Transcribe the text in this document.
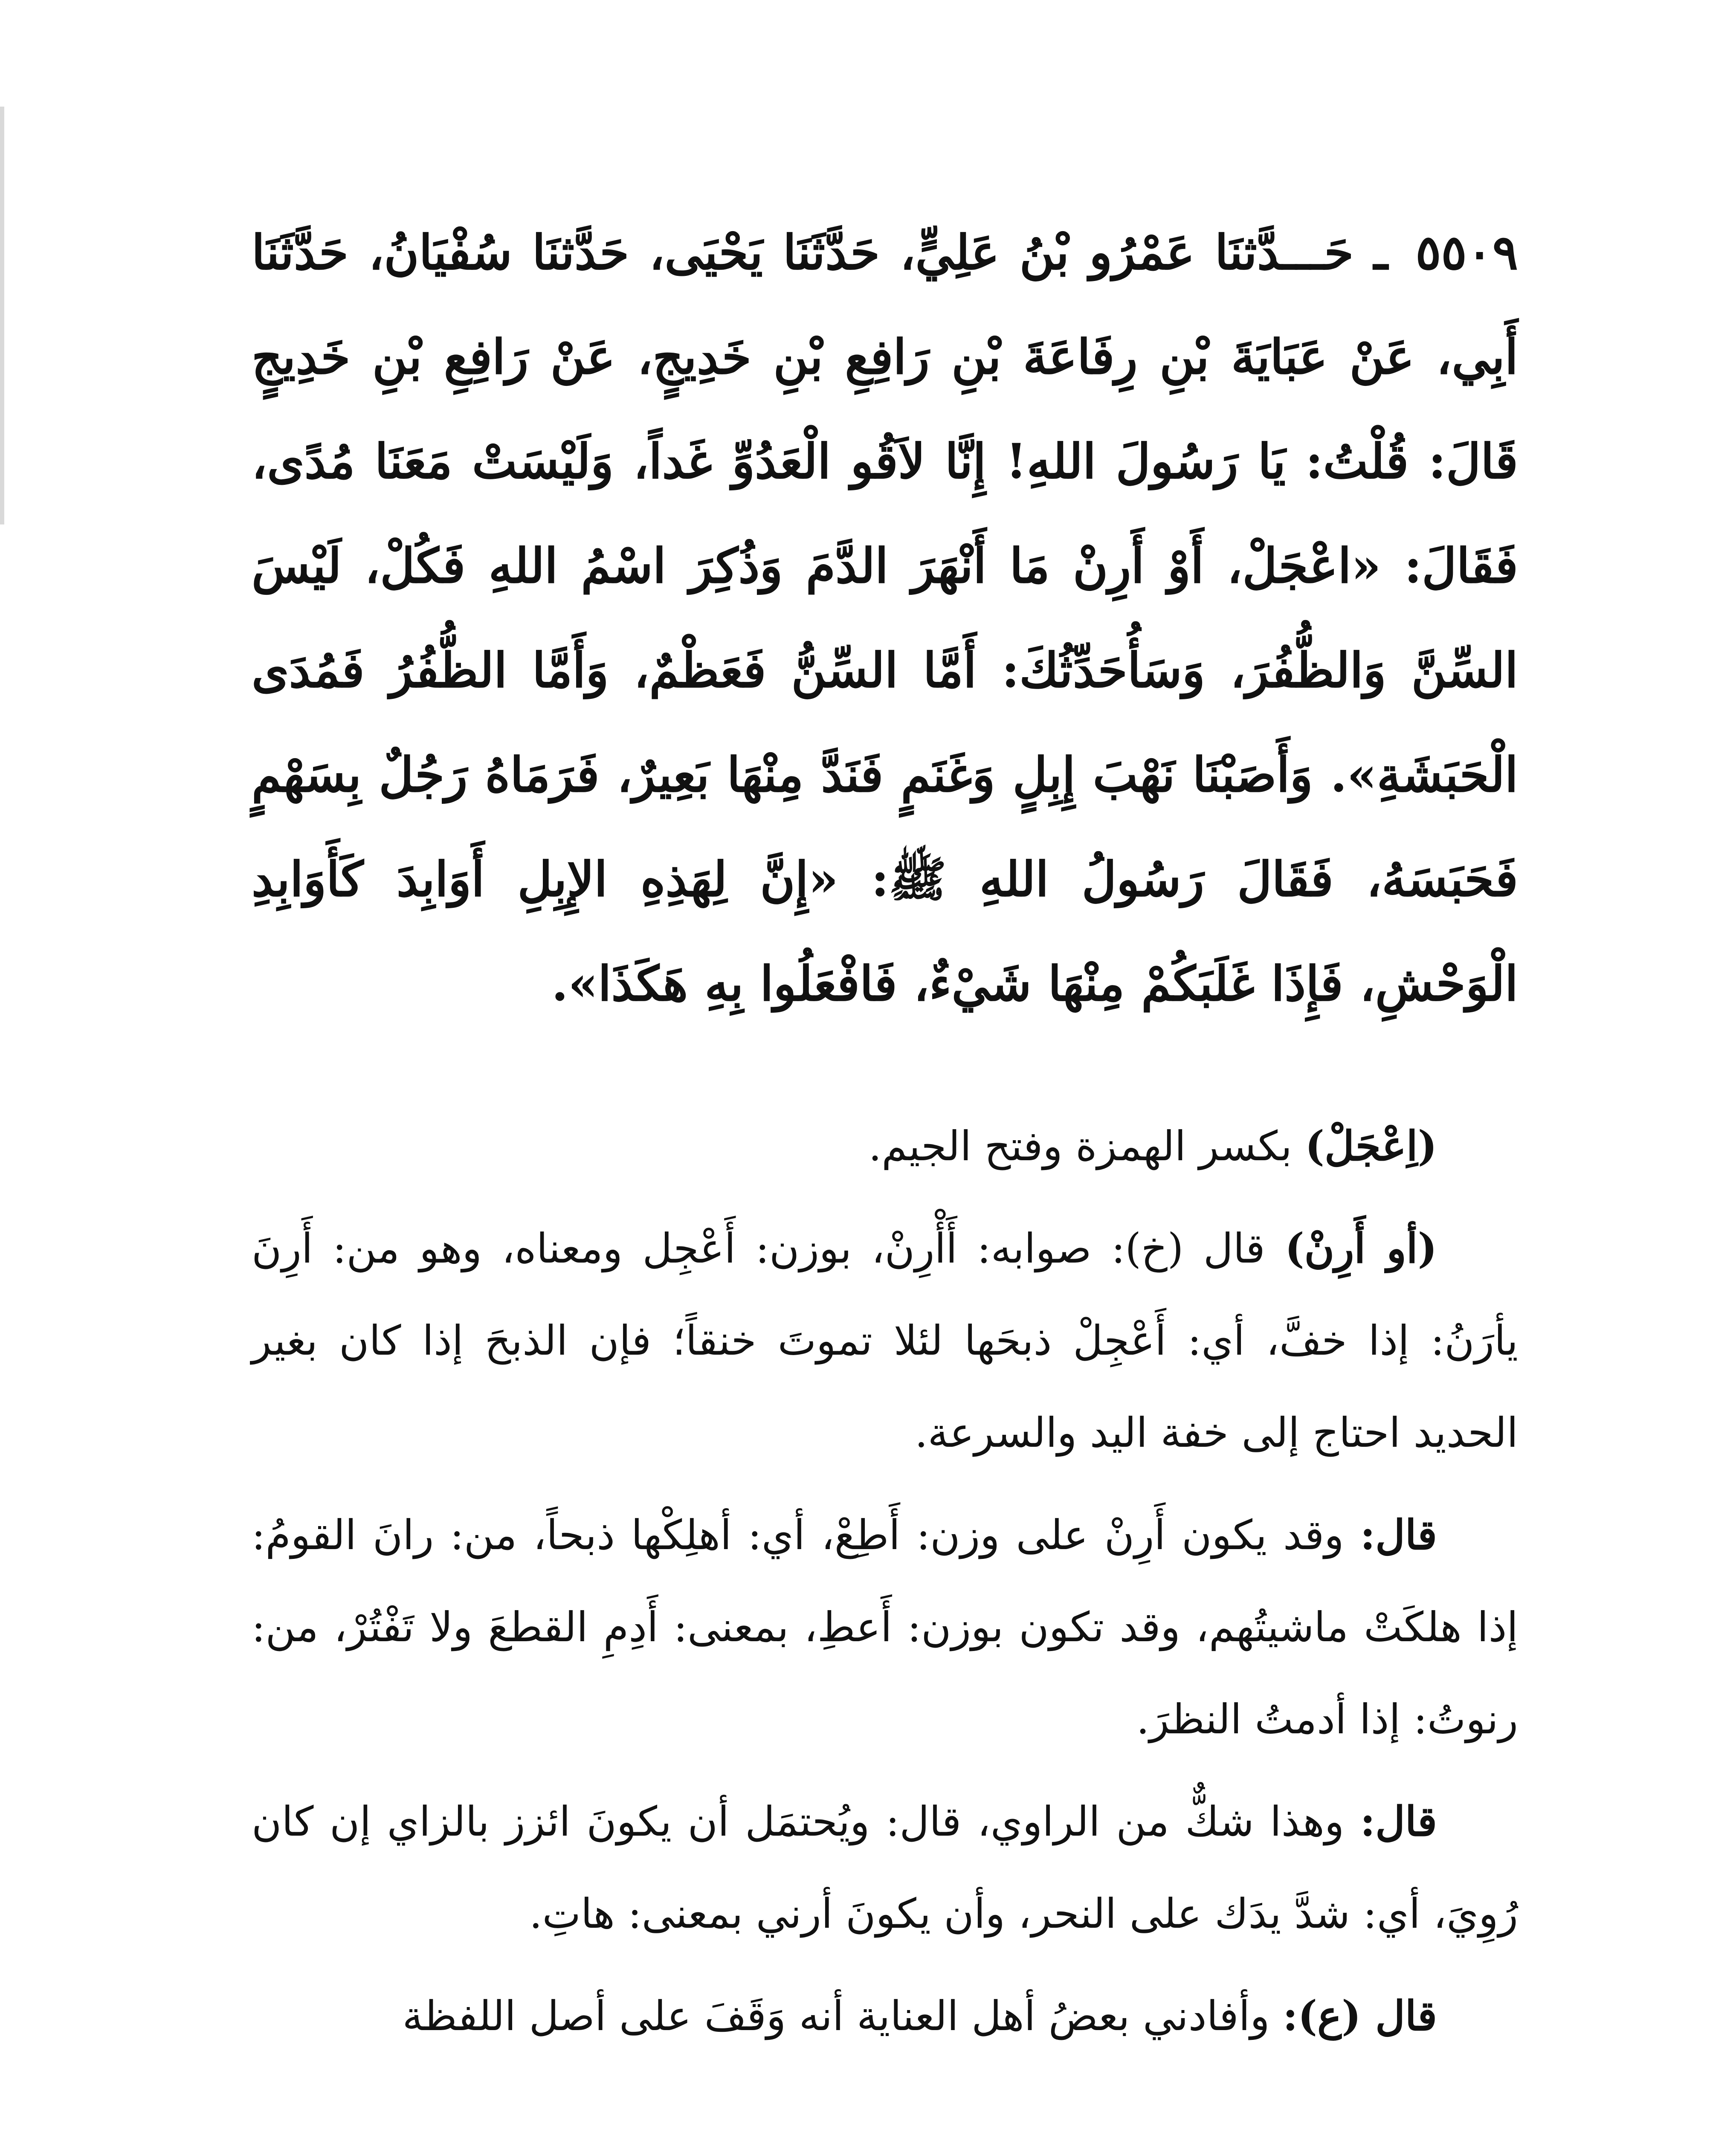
٥٥٠٩ ـ حَـــدَّثنَا عَمْرُو بْنُ عَلِيٍّ، حَدَّثَنَا يَحْيَى، حَدَّثنَا سُفْيَانُ، حَدَّثَنَا أَبِي، عَنْ عَبَايَةَ بْنِ رِفَاعَةَ بْنِ رَافِعِ بْنِ خَدِيجٍ، عَنْ رَافِعِ بْنِ خَدِيجٍ قَالَ: قُلْتُ: يَا رَسُولَ اللهِ! إِنَّا لاَقُو الْعَدُوِّ غَداً، وَلَيْسَتْ مَعَنَا مُدًى، فَقَالَ: «اعْجَلْ، أَوْ أَرِنْ مَا أَنْهَرَ الدَّمَ وَذُكِرَ اسْمُ اللهِ فَكُلْ، لَيْسَ السِّنَّ وَالظُّفُرَ، وَسَأُحَدِّثُكَ: أَمَّا السِّنُّ فَعَظْمٌ، وَأَمَّا الظُّفُرُ فَمُدَى الْحَبَشَةِ». وَأَصَبْنَا نَهْبَ إِبِلٍ وَغَنَمٍ فَنَدَّ مِنْهَا بَعِيرٌ، فَرَمَاهُ رَجُلٌ بِسَهْمٍ فَحَبَسَهُ، فَقَالَ رَسُولُ اللهِ ﷺ: «إِنَّ لِهَذِهِ الإِبِلِ أَوَابِدَ كَأَوَابِدِ الْوَحْشِ، فَإِذَا غَلَبَكُمْ مِنْهَا شَيْءٌ، فَافْعَلُوا بِهِ هَكَذَا».

(اِعْجَلْ) بكسر الهمزة وفتح الجيم.

(أو أَرِنْ) قال (خ): صوابه: أَأْرِنْ، بوزن: أَعْجِل ومعناه، وهو من: أَرِنَ يأرَنُ: إذا خفَّ، أي: أَعْجِلْ ذبحَها لئلا تموتَ خنقاً؛ فإن الذبحَ إذا كان بغير الحديد احتاج إلى خفة اليد والسرعة.

قال: وقد يكون أَرِنْ على وزن: أَطِعْ، أي: أهلِكْها ذبحاً، من: رانَ القومُ: إذا هلكَتْ ماشيتُهم، وقد تكون بوزن: أَعطِ، بمعنى: أَدِمِ القطعَ ولا تَفْتُرْ، من: رنوتُ: إذا أدمتُ النظرَ.

قال: وهذا شكٌّ من الراوي، قال: ويُحتمَل أن يكونَ ائزز بالزاي إن كان رُوِيَ، أي: شدَّ يدَك على النحر، وأن يكونَ أرني بمعنى: هاتِ.

قال (ع): وأفادني بعضُ أهل العناية أنه وَقَفَ على أصل اللفظة
